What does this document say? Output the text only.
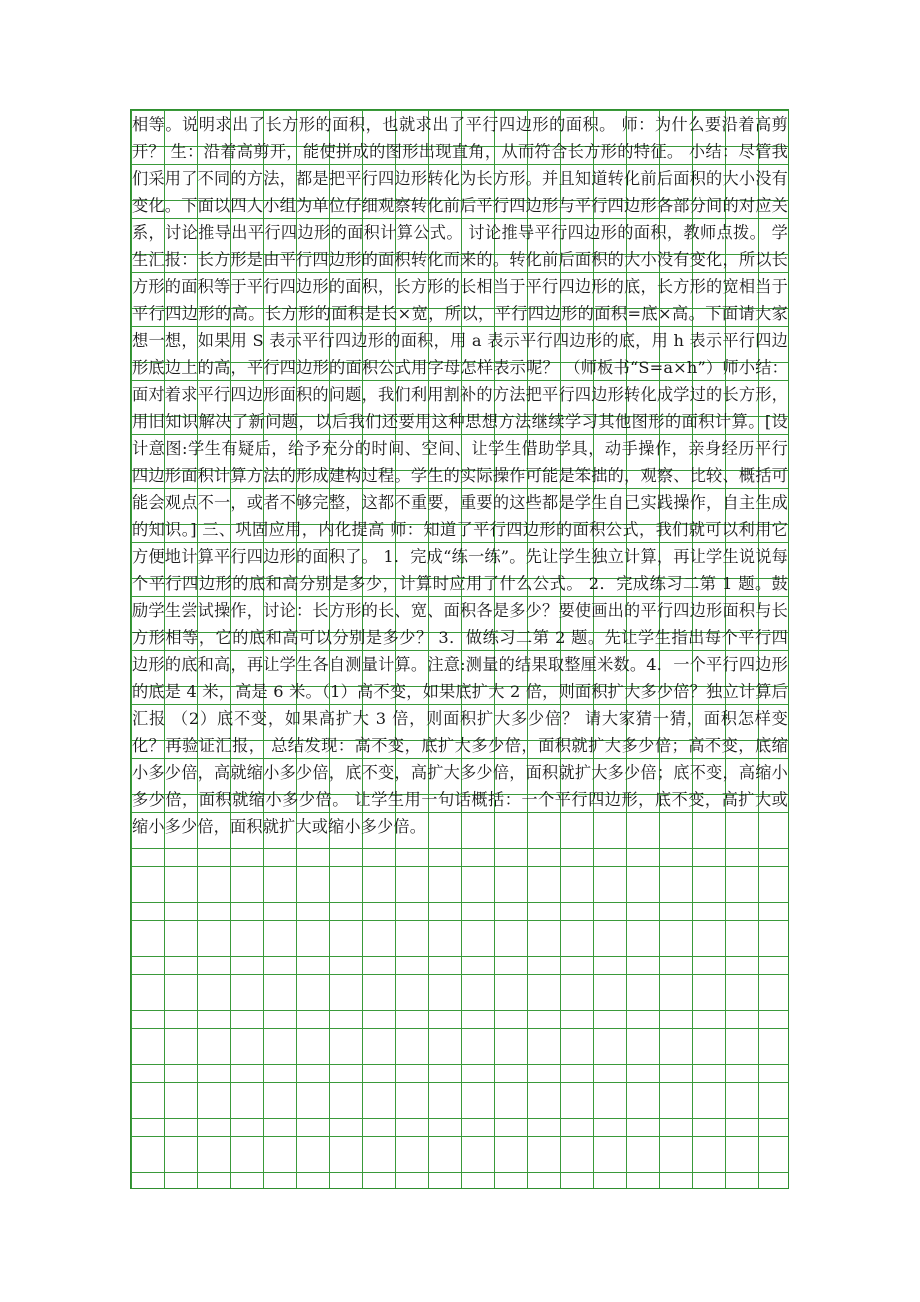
相等。说明求出了长方形的面积，也就求出了平行四边形的面积。 师：为什么要沿着高剪开？ 生：沿着高剪开，能使拼成的图形出现直角，从而符合长方形的特征。 小结：尽管我们采用了不同的方法，都是把平行四边形转化为长方形。并且知道转化前后面积的大小没有变化。下面以四人小组为单位仔细观察转化前后平行四边形与平行四边形各部分间的对应关系，讨论推导出平行四边形的面积计算公式。 讨论推导平行四边形的面积，教师点拨。 学生汇报：长方形是由平行四边形的面积转化而来的。转化前后面积的大小没有变化，所以长方形的面积等于平行四边形的面积，长方形的长相当于平行四边形的底，长方形的宽相当于平行四边形的高。长方形的面积是长×宽，所以，平行四边形的面积=底×高。下面请大家想一想，如果用 S 表示平行四边形的面积，用 a 表示平行四边形的底，用 h 表示平行四边形底边上的高，平行四边形的面积公式用字母怎样表示呢？ （师板书“S=a×h”）师小结：面对着求平行四边形面积的问题，我们利用割补的方法把平行四边形转化成学过的长方形，用旧知识解决了新问题，以后我们还要用这种思想方法继续学习其他图形的面积计算。[设计意图:学生有疑后，给予充分的时间、空间、让学生借助学具，动手操作，亲身经历平行四边形面积计算方法的形成建构过程。学生的实际操作可能是笨拙的，观察、比较、概括可能会观点不一，或者不够完整，这都不重要，重要的这些都是学生自己实践操作，自主生成的知识。] 三、巩固应用，内化提高 师：知道了平行四边形的面积公式，我们就可以利用它方便地计算平行四边形的面积了。 1．完成“练一练”。先让学生独立计算，再让学生说说每个平行四边形的底和高分别是多少，计算时应用了什么公式。 2．完成练习二第 1 题。鼓励学生尝试操作，讨论：长方形的长、宽、面积各是多少？要使画出的平行四边形面积与长方形相等，它的底和高可以分别是多少？ 3．做练习二第 2 题。先让学生指出每个平行四边形的底和高，再让学生各自测量计算。注意:测量的结果取整厘米数。4．一个平行四边形的底是 4 米，高是 6 米。（1）高不变，如果底扩大 2 倍，则面积扩大多少倍？独立计算后汇报 （2）底不变，如果高扩大 3 倍，则面积扩大多少倍？ 请大家猜一猜，面积怎样变化？再验证汇报， 总结发现：高不变，底扩大多少倍，面积就扩大多少倍；高不变，底缩小多少倍，高就缩小多少倍，底不变，高扩大多少倍，面积就扩大多少倍；底不变，高缩小多少倍，面积就缩小多少倍。 让学生用一句话概括：一个平行四边形，底不变，高扩大或缩小多少倍，面积就扩大或缩小多少倍。
